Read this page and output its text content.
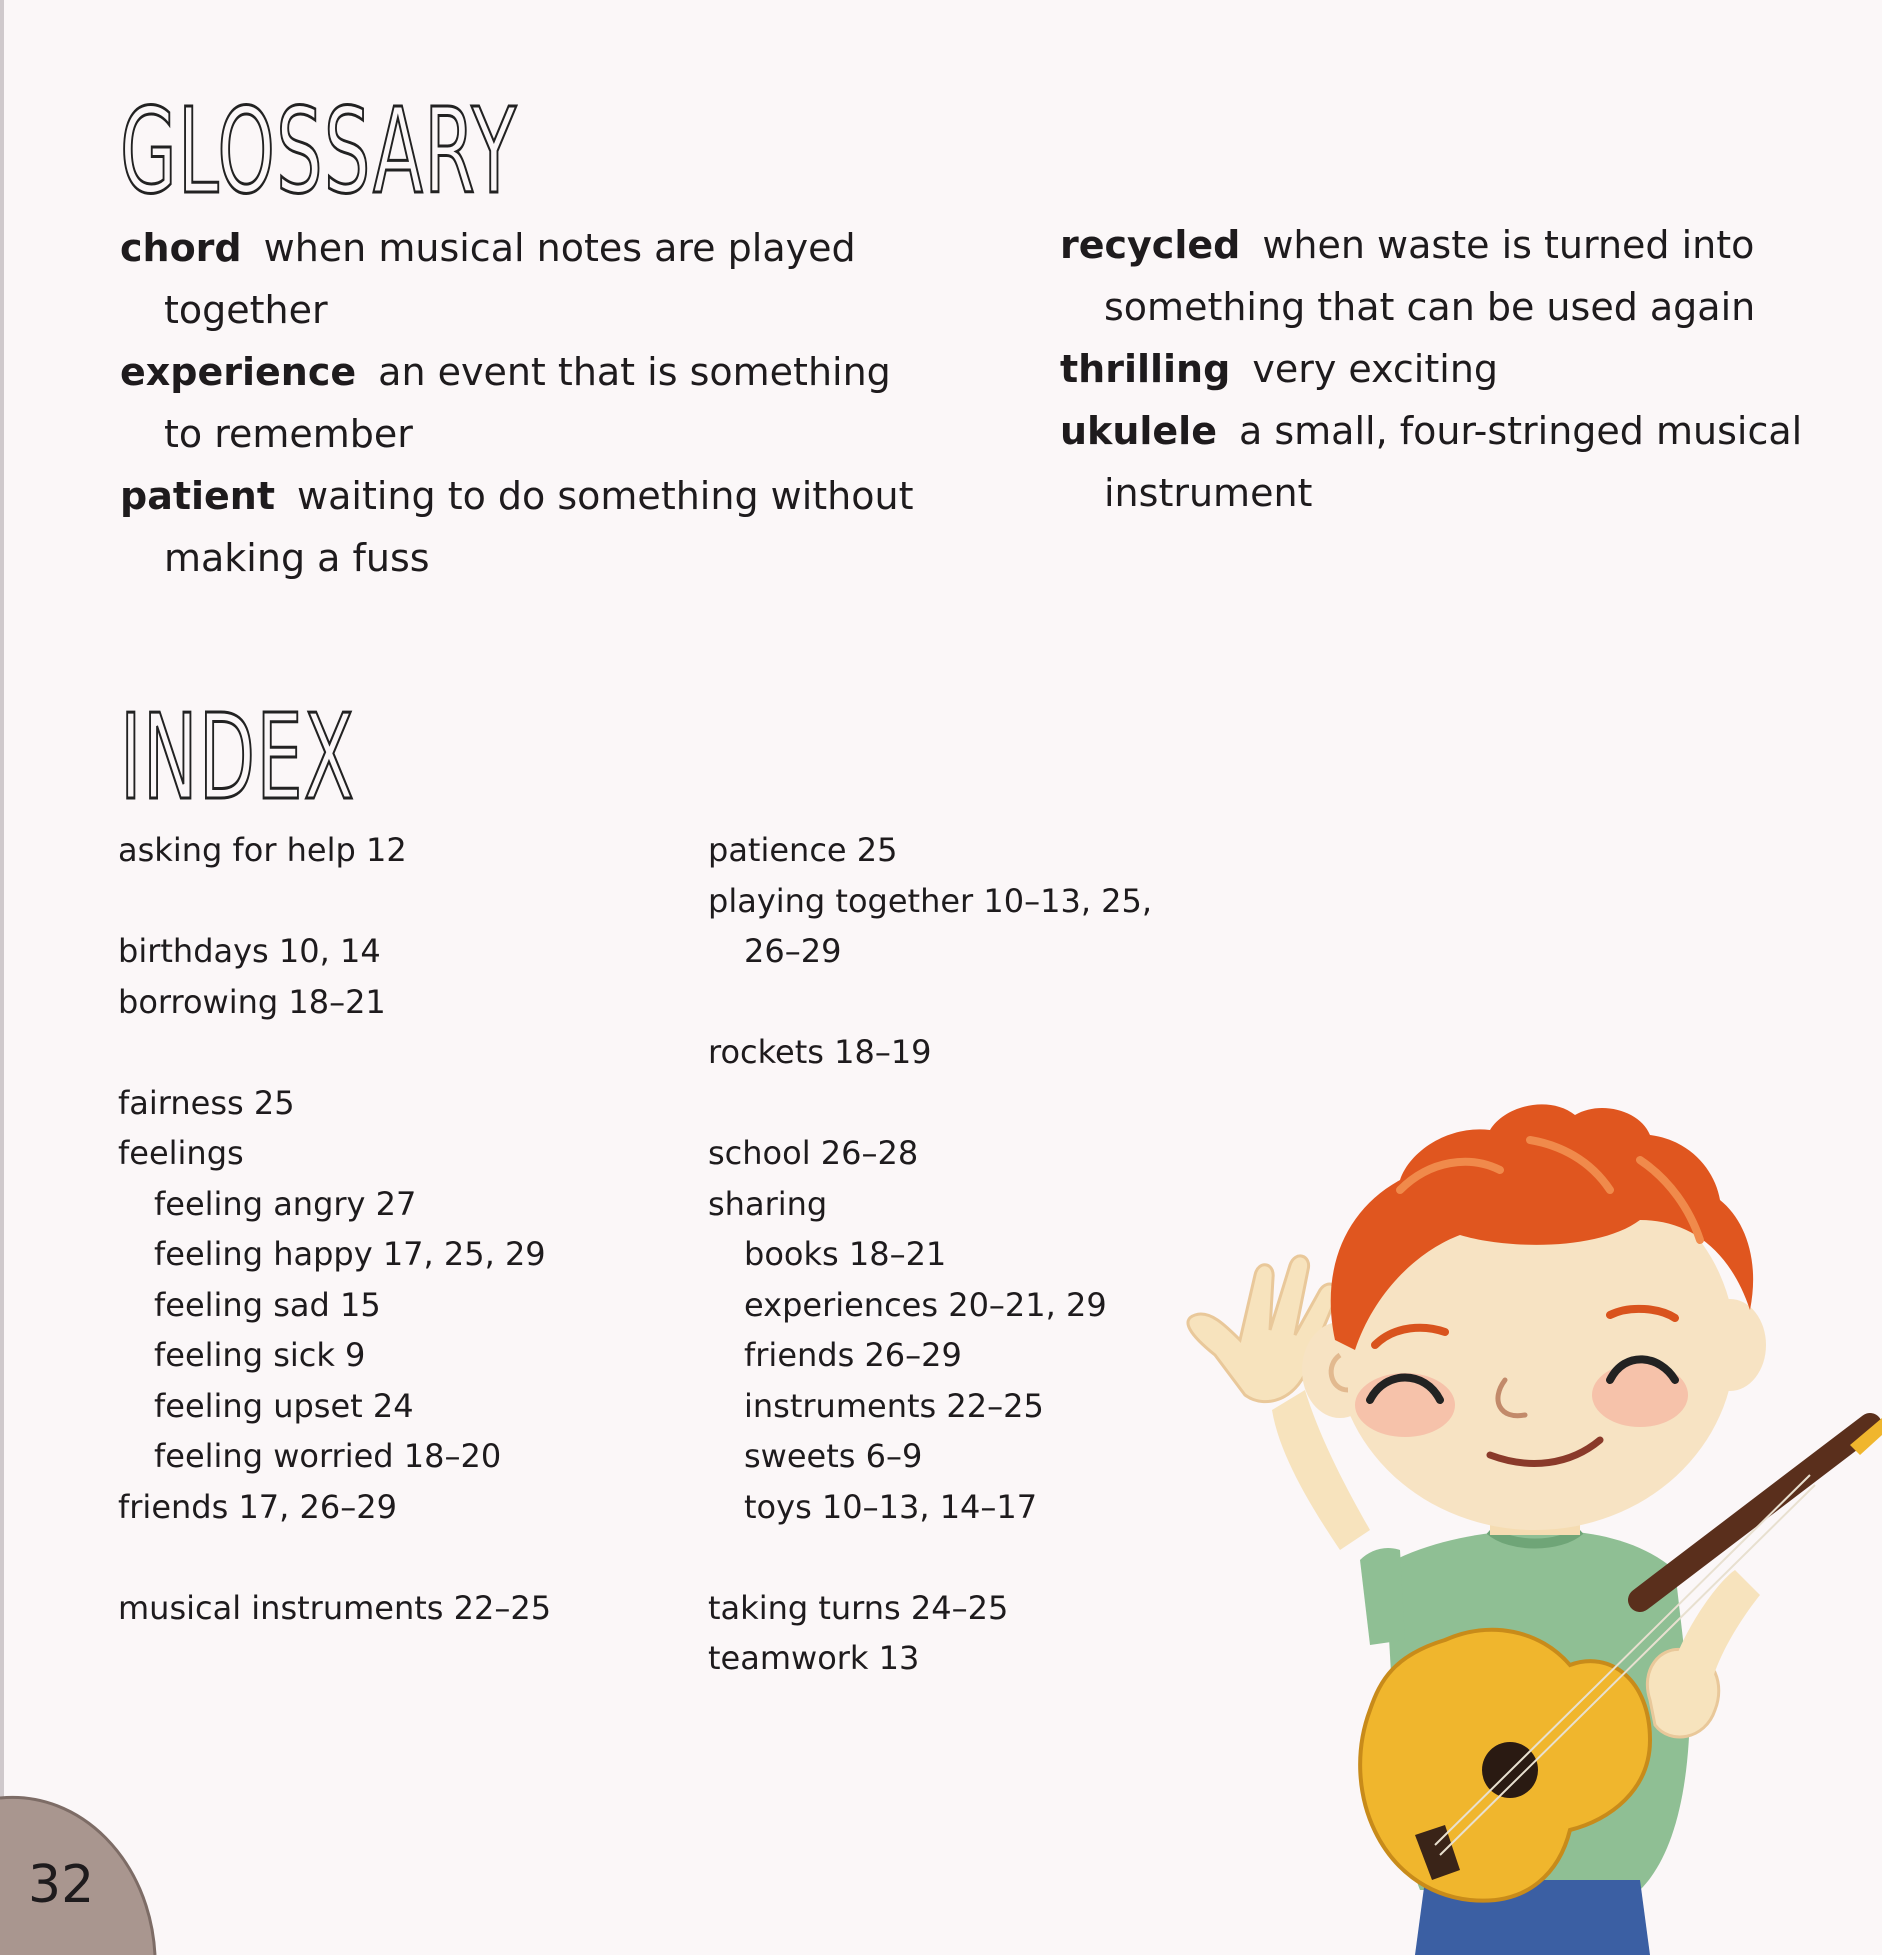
GLOSSARY

chord when musical notes are played together

experience an event that is something to remember

patient waiting to do something without making a fuss

recycled when waste is turned into something that can be used again

thrilling very exciting

ukulele a small, four-stringed musical instrument

INDEX
asking for help 12
birthdays 10, 14
borrowing 18–21
fairness 25
feelings
feeling angry 27
feeling happy 17, 25, 29
feeling sad 15
feeling sick 9
feeling upset 24
feeling worried 18–20
friends 17, 26–29
musical instruments 22–25
patience 25
playing together 10–13, 25,
26–29
rockets 18–19
school 26–28
sharing
books 18–21
experiences 20–21, 29
friends 26–29
instruments 22–25
sweets 6–9
toys 10–13, 14–17
taking turns 24–25
teamwork 13
32
